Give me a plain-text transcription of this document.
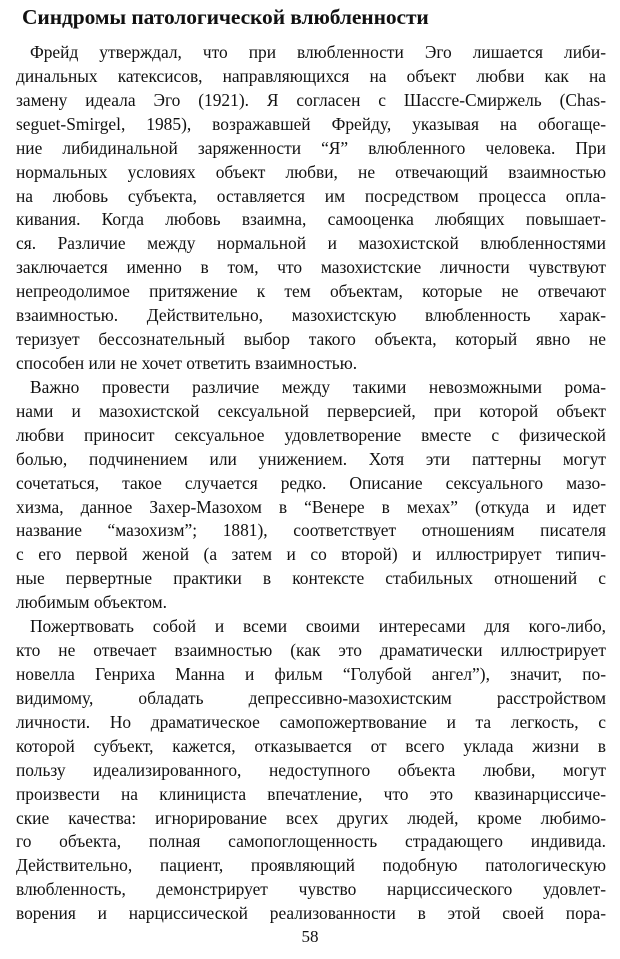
Синдромы патологической влюбленности

Фрейд утверждал, что при влюбленности Эго лишается либи-
динальных катексисов, направляющихся на объект любви как на
замену идеала Эго (1921). Я согласен с Шассге-Смиржель (Chas-
seguet-Smirgel, 1985), возражавшей Фрейду, указывая на обогаще-
ние либидинальной заряженности “Я” влюбленного человека. При
нормальных условиях объект любви, не отвечающий взаимностью
на любовь субъекта, оставляется им посредством процесса опла-
кивания. Когда любовь взаимна, самооценка любящих повышает-
ся. Различие между нормальной и мазохистской влюбленностями
заключается именно в том, что мазохистские личности чувствуют
непреодолимое притяжение к тем объектам, которые не отвечают
взаимностью. Действительно, мазохистскую влюбленность харак-
теризует бессознательный выбор такого объекта, который явно не
способен или не хочет ответить взаимностью.

Важно провести различие между такими невозможными рома-
нами и мазохистской сексуальной перверсией, при которой объект
любви приносит сексуальное удовлетворение вместе с физической
болью, подчинением или унижением. Хотя эти паттерны могут
сочетаться, такое случается редко. Описание сексуального мазо-
хизма, данное Захер-Мазохом в “Венере в мехах” (откуда и идет
название “мазохизм”; 1881), соответствует отношениям писателя
с его первой женой (а затем и со второй) и иллюстрирует типич-
ные первертные практики в контексте стабильных отношений с
любимым объектом.

Пожертвовать собой и всеми своими интересами для кого-либо,
кто не отвечает взаимностью (как это драматически иллюстрирует
новелла Генриха Манна и фильм “Голубой ангел”), значит, по-
видимому, обладать депрессивно-мазохистским расстройством
личности. Но драматическое самопожертвование и та легкость, с
которой субъект, кажется, отказывается от всего уклада жизни в
пользу идеализированного, недоступного объекта любви, могут
произвести на клинициста впечатление, что это квазинарциссиче-
ские качества: игнорирование всех других людей, кроме любимо-
го объекта, полная самопоглощенность страдающего индивида.
Действительно, пациент, проявляющий подобную патологическую
влюбленность, демонстрирует чувство нарциссического удовлет-
ворения и нарциссической реализованности в этой своей пора-

58
